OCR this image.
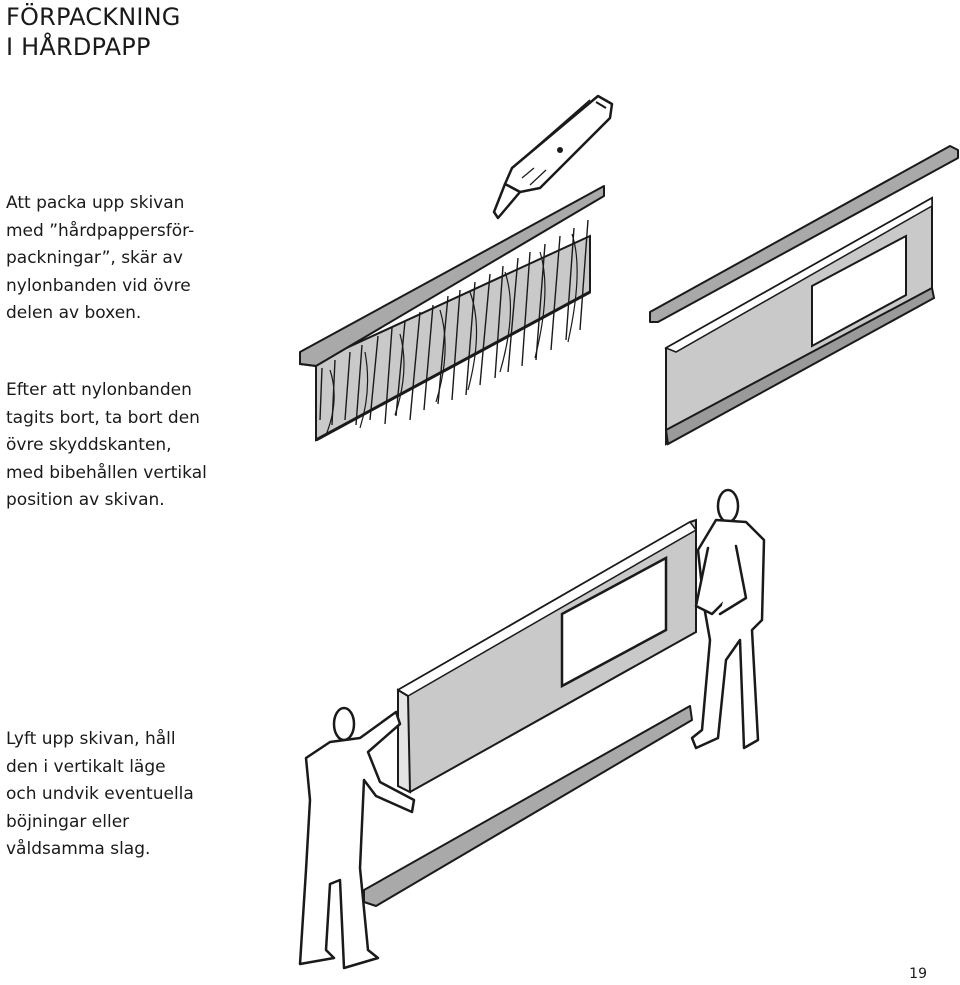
FÖRPACKNING
I HÅRDPAPP

Att packa upp skivan
med ”hårdpappersför-
packningar”, skär av
nylonbanden vid övre
delen av boxen.

Efter att nylonbanden
tagits bort, ta bort den
övre skyddskanten,
med bibehållen vertikal
position av skivan.

Lyft upp skivan, håll
den i vertikalt läge
och undvik eventuella
böjningar eller
våldsamma slag.

19
